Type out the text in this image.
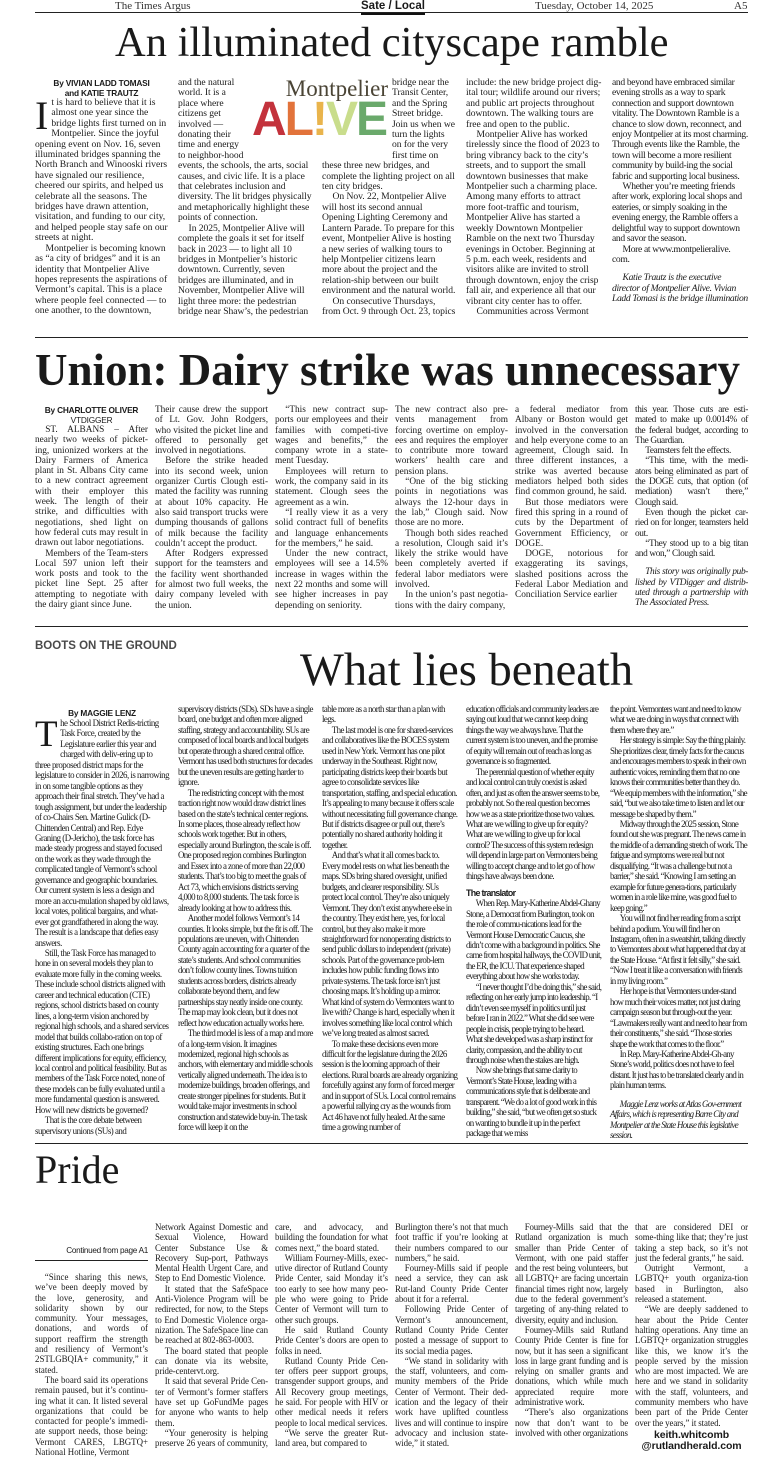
The Times Argus	Sate / Local	Tuesday, October 14, 2025	A5
An illuminated cityscape ramble
Montpelier
AL!VE
By VIVIAN LADD TOMASI
and KATIE TRAUTZ
I t is hard to believe that it is almost one year since the bridge lights first turned on in Montpelier. Since the joyful opening event on Nov. 16, seven illuminated bridges spanning the North Branch and Winooski rivers have signaled our resilience, cheered our spirits, and helped us celebrate all the seasons. The bridges have drawn attention, visitation, and funding to our city, and helped people stay safe on our streets at night.

Montpelier is becoming known as “a city of bridges” and it is an identity that Montpelier Alive hopes represents the aspirations of Vermont’s capital. This is a place where people feel connected — to one another, to the downtown,

and the natural world. It is a place where citizens get involved — donating their time and energy to neighbor-hood events, the schools, the arts, social causes, and civic life. It is a place that celebrates inclusion and diversity. The lit bridges physically and metaphorically highlight these points of connection.

In 2025, Montpelier Alive will complete the goals it set for itself back in 2023 — to light all 10 bridges in Montpelier’s historic downtown. Currently, seven bridges are illuminated, and in November, Montpelier Alive will light three more: the pedestrian bridge near Shaw’s, the pedestrian

bridge near the Transit Center, and the Spring Street bridge. Join us when we turn the lights on for the very first time on these three new bridges, and complete the lighting project on all ten city bridges.

On Nov. 22, Montpelier Alive will host its second annual Opening Lighting Ceremony and Lantern Parade. To prepare for this event, Montpelier Alive is hosting a new series of walking tours to help Montpelier citizens learn more about the project and the relation-ship between our built environment and the natural world.

On consecutive Thursdays, from Oct. 9 through Oct. 23, topics

include: the new bridge project dig-ital tour; wildlife around our rivers; and public art projects throughout downtown. The walking tours are free and open to the public.

Montpelier Alive has worked tirelessly since the flood of 2023 to bring vibrancy back to the city’s streets, and to support the small downtown businesses that make Montpelier such a charming place. Among many efforts to attract more foot-traffic and tourism, Montpelier Alive has started a weekly Downtown Montpelier Ramble on the next two Thursday evenings in October. Beginning at 5 p.m. each week, residents and visitors alike are invited to stroll through downtown, enjoy the crisp fall air, and experience all that our vibrant city center has to offer.

Communities across Vermont

and beyond have embraced similar evening strolls as a way to spark connection and support downtown vitality. The Downtown Ramble is a chance to slow down, reconnect, and enjoy Montpelier at its most charming. Through events like the Ramble, the town will become a more resilient community by build-ing the social fabric and supporting local business.

Whether you’re meeting friends after work, exploring local shops and eateries, or simply soaking in the evening energy, the Ramble offers a delightful way to support downtown and savor the season.

More at www.montpelieralive. com.

Katie Trautz is the executive director of Montpelier Alive. Vivian Ladd Tomasi is the bridge illumination

Union: Dairy strike was unnecessary
By CHARLOTTE OLIVER
VTDIGGER

ST. ALBANS – After nearly two weeks of picket-ing, unionized workers at the Dairy Farmers of America plant in St. Albans City came to a new contract agreement with their employer this week. The length of their strike, and difficulties with negotiations, shed light on how federal cuts may result in drawn out labor negotiations.

Members of the Team-sters Local 597 union left their work posts and took to the picket line Sept. 25 after attempting to negotiate with the dairy giant since June.

Their cause drew the support of Lt. Gov. John Rodgers, who visited the picket line and offered to personally get involved in negotiations.

Before the strike headed into its second week, union organizer Curtis Clough esti-mated the facility was running at about 10% capacity. He also said transport trucks were dumping thousands of gallons of milk because the facility couldn’t accept the product.

After Rodgers expressed support for the teamsters and the facility went shorthanded for almost two full weeks, the dairy company leveled with the union.

“This new contract sup-ports our employees and their families with competi-tive wages and benefits,” the company wrote in a state-ment Tuesday.

Employees will return to work, the company said in its statement. Clough sees the agreement as a win.

“I really view it as a very solid contract full of benefits and language enhancements for the members,” he said.

Under the new contract, employees will see a 14.5% increase in wages within the next 22 months and some will see higher increases in pay depending on seniority.

The new contract also pre-vents management from forcing overtime on employ-ees and requires the employer to contribute more toward workers’ health care and pension plans.

“One of the big sticking points in negotiations was always the 12-hour days in the lab,” Clough said. Now those are no more.

Though both sides reached a resolution, Clough said it’s likely the strike would have been completely averted if federal labor mediators were involved.

In the union’s past negotia-tions with the dairy company,

a federal mediator from Albany or Boston would get involved in the conversation and help everyone come to an agreement, Clough said. In three different instances, a strike was averted because mediators helped both sides find common ground, he said.

But those mediators were fired this spring in a round of cuts by the Department of Government Efficiency, or DOGE.

DOGE, notorious for exaggerating its savings, slashed positions across the Federal Labor Mediation and Conciliation Service earlier

this year. Those cuts are esti-mated to make up 0.0014% of the federal budget, according to The Guardian.

Teamsters felt the effects.

“This time, with the medi-ators being eliminated as part of the DOGE cuts, that option (of mediation) wasn’t there,” Clough said.

Even though the picket car-ried on for longer, teamsters held out.

“They stood up to a big titan and won,” Clough said.

This story was originally pub-lished by VTDigger and distrib-uted through a partnership with The Associated Press.

BOOTS ON THE GROUND	What lies beneath
By MAGGIE LENZ
T he School District Redis-tricting Task Force, created by the Legislature earlier this year and charged with deliv-ering up to three proposed district maps for the legislature to consider in 2026, is narrowing in on some tangible options as they approach their final stretch. They’ve had a tough assignment, but under the leadership of co-Chairs Sen. Martine Gulick (D-Chittenden Central) and Rep. Edye Graning (D-Jericho), the task force has made steady progress and stayed focused on the work as they wade through the complicated tangle of Vermont’s school governance and geographic boundaries. Our current system is less a design and more an accu-mulation shaped by old laws, local votes, political bargains, and what-ever got grandfathered in along the way. The result is a landscape that defies easy answers.

Still, the Task Force has managed to hone in on several models they plan to evaluate more fully in the coming weeks. These include school districts aligned with career and technical education (CTE) regions, school districts based on county lines, a long-term vision anchored by regional high schools, and a shared services model that builds collabo-ration on top of existing structures. Each one brings different implications for equity, efficiency, local control and political feasibility. But as members of the Task Force noted, none of these models can be fully evaluated until a more fundamental question is answered. How will new districts be governed?

That is the core debate between supervisory unions (SUs) and

supervisory districts (SDs). SDs have a single board, one budget and often more aligned staffing, strategy and accountability. SUs are composed of local boards and local budgets but operate through a shared central office. Vermont has used both structures for decades but the uneven results are getting harder to ignore.

The redistricting concept with the most traction right now would draw district lines based on the state’s technical center regions. In some places, those already reflect how schools work together. But in others, especially around Burlington, the scale is off. One proposed region combines Burlington and Essex into a zone of more than 22,000 students. That’s too big to meet the goals of Act 73, which envisions districts serving 4,000 to 8,000 students. The task force is already looking at how to address this.

Another model follows Vermont’s 14 counties. It looks simple, but the fit is off. The populations are uneven, with Chittenden County again accounting for a quarter of the state’s students. And school communities don’t follow county lines. Towns tuition students across borders, districts already collaborate beyond them, and few partnerships stay neatly inside one county. The map may look clean, but it does not reflect how education actually works here.

The third model is less of a map and more of a long-term vision. It imagines modernized, regional high schools as anchors, with elementary and middle schools vertically aligned underneath. The idea is to modernize buildings, broaden offerings, and create stronger pipelines for students. But it would take major investments in school construction and statewide buy-in. The task force will keep it on the

table more as a north star than a plan with legs.

The last model is one for shared-services and collaboratives like the BOCES system used in New York. Vermont has one pilot underway in the Southeast. Right now, participating districts keep their boards but agree to consolidate services like transportation, staffing, and special education. It’s appealing to many because it offers scale without necessitating full governance change. But if districts disagree or pull out, there’s potentially no shared authority holding it together.

And that’s what it all comes back to. Every model rests on what lies beneath the maps. SDs bring shared oversight, unified budgets, and clearer responsibility. SUs protect local control. They’re also uniquely Vermont. They don’t exist anywhere else in the country. They exist here, yes, for local control, but they also make it more straightforward for nonoperating districts to send public dollars to independent (private) schools. Part of the governance prob-lem includes how public funding flows into private systems. The task force isn’t just choosing maps. It’s holding up a mirror. What kind of system do Vermonters want to live with? Change is hard, especially when it involves something like local control which we’ve long treated as almost sacred.

To make these decisions even more difficult for the legislature during the 2026 session is the looming approach of their elections. Rural boards are already organizing forcefully against any form of forced merger and in support of SUs. Local control remains a powerful rallying cry as the wounds from Act 46 have not fully healed. At the same time a growing number of

education officials and community leaders are saying out loud that we cannot keep doing things the way we always have. That the current system is too uneven, and the promise of equity will remain out of reach as long as governance is so fragmented.

The perennial question of whether equity and local control can truly coexist is asked often, and just as often the answer seems to be, probably not. So the real question becomes how we as a state prioritize those two values. What are we willing to give up for equity? What are we willing to give up for local control? The success of this system redesign will depend in large part on Vermonters being willing to accept change and to let go of how things have always been done.

The translator

When Rep. Mary-Katherine Abdel-Ghany Stone, a Democrat from Burlington, took on the role of commu-nications lead for the Vermont House Democratic Caucus, she didn’t come with a background in politics. She came from hospital hallways, the COVID unit, the ER, the ICU. That experience shaped everything about how she works today.

“I never thought I’d be doing this,” she said, reflecting on her early jump into leadership. “I didn’t even see myself in politics until just before I ran in 2022.” What she did see were people in crisis, people trying to be heard. What she developed was a sharp instinct for clarity, compassion, and the ability to cut through noise when the stakes are high.

Now she brings that same clarity to Vermont’s State House, leading with a communications style that is deliberate and transparent. “We do a lot of good work in this building,” she said, “but we often get so stuck on wanting to bundle it up in the perfect package that we miss

the point. Vermonters want and need to know what we are doing in ways that connect with them where they are.”

Her strategy is simple: Say the thing plainly. She prioritizes clear, timely facts for the caucus and encourages members to speak in their own authentic voices, reminding them that no one knows their communities better than they do. “We equip members with the information,” she said, “but we also take time to listen and let our message be shaped by them.”

Midway through the 2025 session, Stone found out she was pregnant. The news came in the middle of a demanding stretch of work. The fatigue and symptoms were real but not disqualifying. “It was a challenge but not a barrier,” she said. “Knowing I am setting an example for future genera-tions, particularly women in a role like mine, was good fuel to keep going.”

You will not find her reading from a script behind a podium. You will find her on Instagram, often in a sweatshirt, talking directly to Vermonters about what happened that day at the State House. “At first it felt silly,” she said. “Now I treat it like a conversation with friends in my living room.”

Her hope is that Vermonters under-stand how much their voices matter, not just during campaign season but through-out the year. “Lawmakers really want and need to hear from their constituents,” she said. “Those stories shape the work that comes to the floor.”

In Rep. Mary-Katherine Abdel-Gh-any Stone’s world, politics does not have to feel distant. It just has to be translated clearly and in plain human terms.

Maggie Lenz works at Atlas Gov-ernment Affairs, which is representing Barre City and Montpelier at the State House this legislative session.

Pride
Continued from page A1

“Since sharing this news, we’ve been deeply moved by the love, generosity, and solidarity shown by our community. Your messages, donations, and words of support reaffirm the strength and resiliency of Vermont’s 2STLGBQIA+ community,” it stated.

The board said its operations remain paused, but it’s continu-ing what it can. It listed several organizations that could be contacted for people’s immedi-ate support needs, those being: Vermont CARES, LBGTQ+ National Hotline, Vermont

Network Against Domestic and Sexual Violence, Howard Center Substance Use & Recovery Sup-port, Pathways Mental Health Urgent Care, and Step to End Domestic Violence.

It stated that the SafeSpace Anti-Violence Program will be redirected, for now, to the Steps to End Domestic Violence orga-nization. The SafeSpace line can be reached at 802-863-0003.

The board stated that people can donate via its website, pride-centervt.org.

It said that several Pride Cen-ter of Vermont’s former staffers have set up GoFundMe pages for anyone who wants to help them.

“Your generosity is helping preserve 26 years of community,

care, and advocacy, and building the foundation for what comes next,” the board stated.

William Fourney-Mills, exec-utive director of Rutland County Pride Center, said Monday it’s too early to see how many peo-ple who were going to Pride Center of Vermont will turn to other such groups.

He said Rutland County Pride Center’s doors are open to folks in need.

Rutland County Pride Cen-ter offers peer support groups, transgender support groups, and All Recovery group meetings, he said. For people with HIV or other medical needs it refers people to local medical services.

“We serve the greater Rut-land area, but compared to

Burlington there’s not that much foot traffic if you’re looking at their numbers compared to our numbers,” he said.

Fourney-Mills said if people need a service, they can ask Rut-land County Pride Center about it for a referral.

Following Pride Center of Vermont’s announcement, Rutland County Pride Center posted a message of support to its social media pages.

“We stand in solidarity with the staff, volunteers, and com-munity members of the Pride Center of Vermont. Their ded-ication and the legacy of their work have uplifted countless lives and will continue to inspire advocacy and inclusion state-wide,” it stated.

Fourney-Mills said that the Rutland organization is much smaller than Pride Center of Vermont, with one paid staffer and the rest being volunteers, but all LGBTQ+ are facing uncertain financial times right now, largely due to the federal government’s targeting of any-thing related to diversity, equity and inclusion.

Fourney-Mills said Rutland County Pride Center is fine for now, but it has seen a significant loss in large grant funding and is relying on smaller grants and donations, which while much appreciated require more administrative work.

“There’s also organizations now that don’t want to be involved with other organizations

that are considered DEI or some-thing like that; they’re just taking a step back, so it’s not just the federal grants,” he said.

Outright Vermont, a LGBTQ+ youth organiza-tion based in Burlington, also released a statement.

“We are deeply saddened to hear about the Pride Center halting operations. Any time an LGBTQ+ organization struggles like this, we know it’s the people served by the mission who are most impacted. We are here and we stand in solidarity with the staff, volunteers, and community members who have been part of the Pride Center over the years,” it stated.

keith.whitcomb
@rutlandherald.com
